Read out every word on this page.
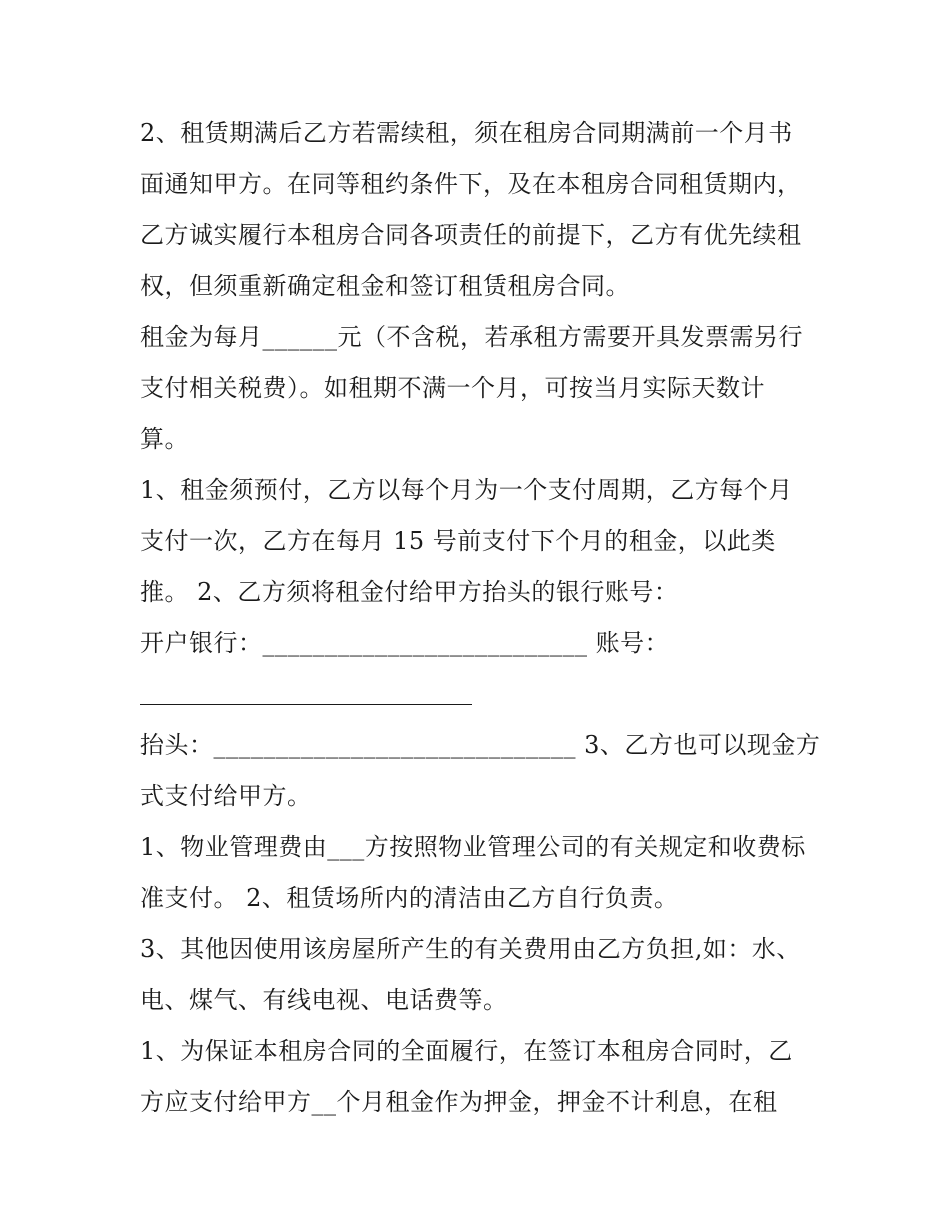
2、租赁期满后乙方若需续租，须在租房合同期满前一个月书
面通知甲方。在同等租约条件下，及在本租房合同租赁期内，
乙方诚实履行本租房合同各项责任的前提下，乙方有优先续租
权，但须重新确定租金和签订租赁租房合同。
租金为每月______元（不含税，若承租方需要开具发票需另行
支付相关税费）。如租期不满一个月，可按当月实际天数计
算。
1、租金须预付，乙方以每个月为一个支付周期，乙方每个月
支付一次，乙方在每月 15 号前支付下个月的租金，以此类
推。 2、乙方须将租金付给甲方抬头的银行账号：
开户银行：__________________________ 账号：
抬头：_____________________________ 3、乙方也可以现金方
式支付给甲方。
1、物业管理费由___方按照物业管理公司的有关规定和收费标
准支付。 2、租赁场所内的清洁由乙方自行负责。
3、其他因使用该房屋所产生的有关费用由乙方负担,如：水、
电、煤气、有线电视、电话费等。
1、为保证本租房合同的全面履行，在签订本租房合同时，乙
方应支付给甲方__个月租金作为押金，押金不计利息，在租
